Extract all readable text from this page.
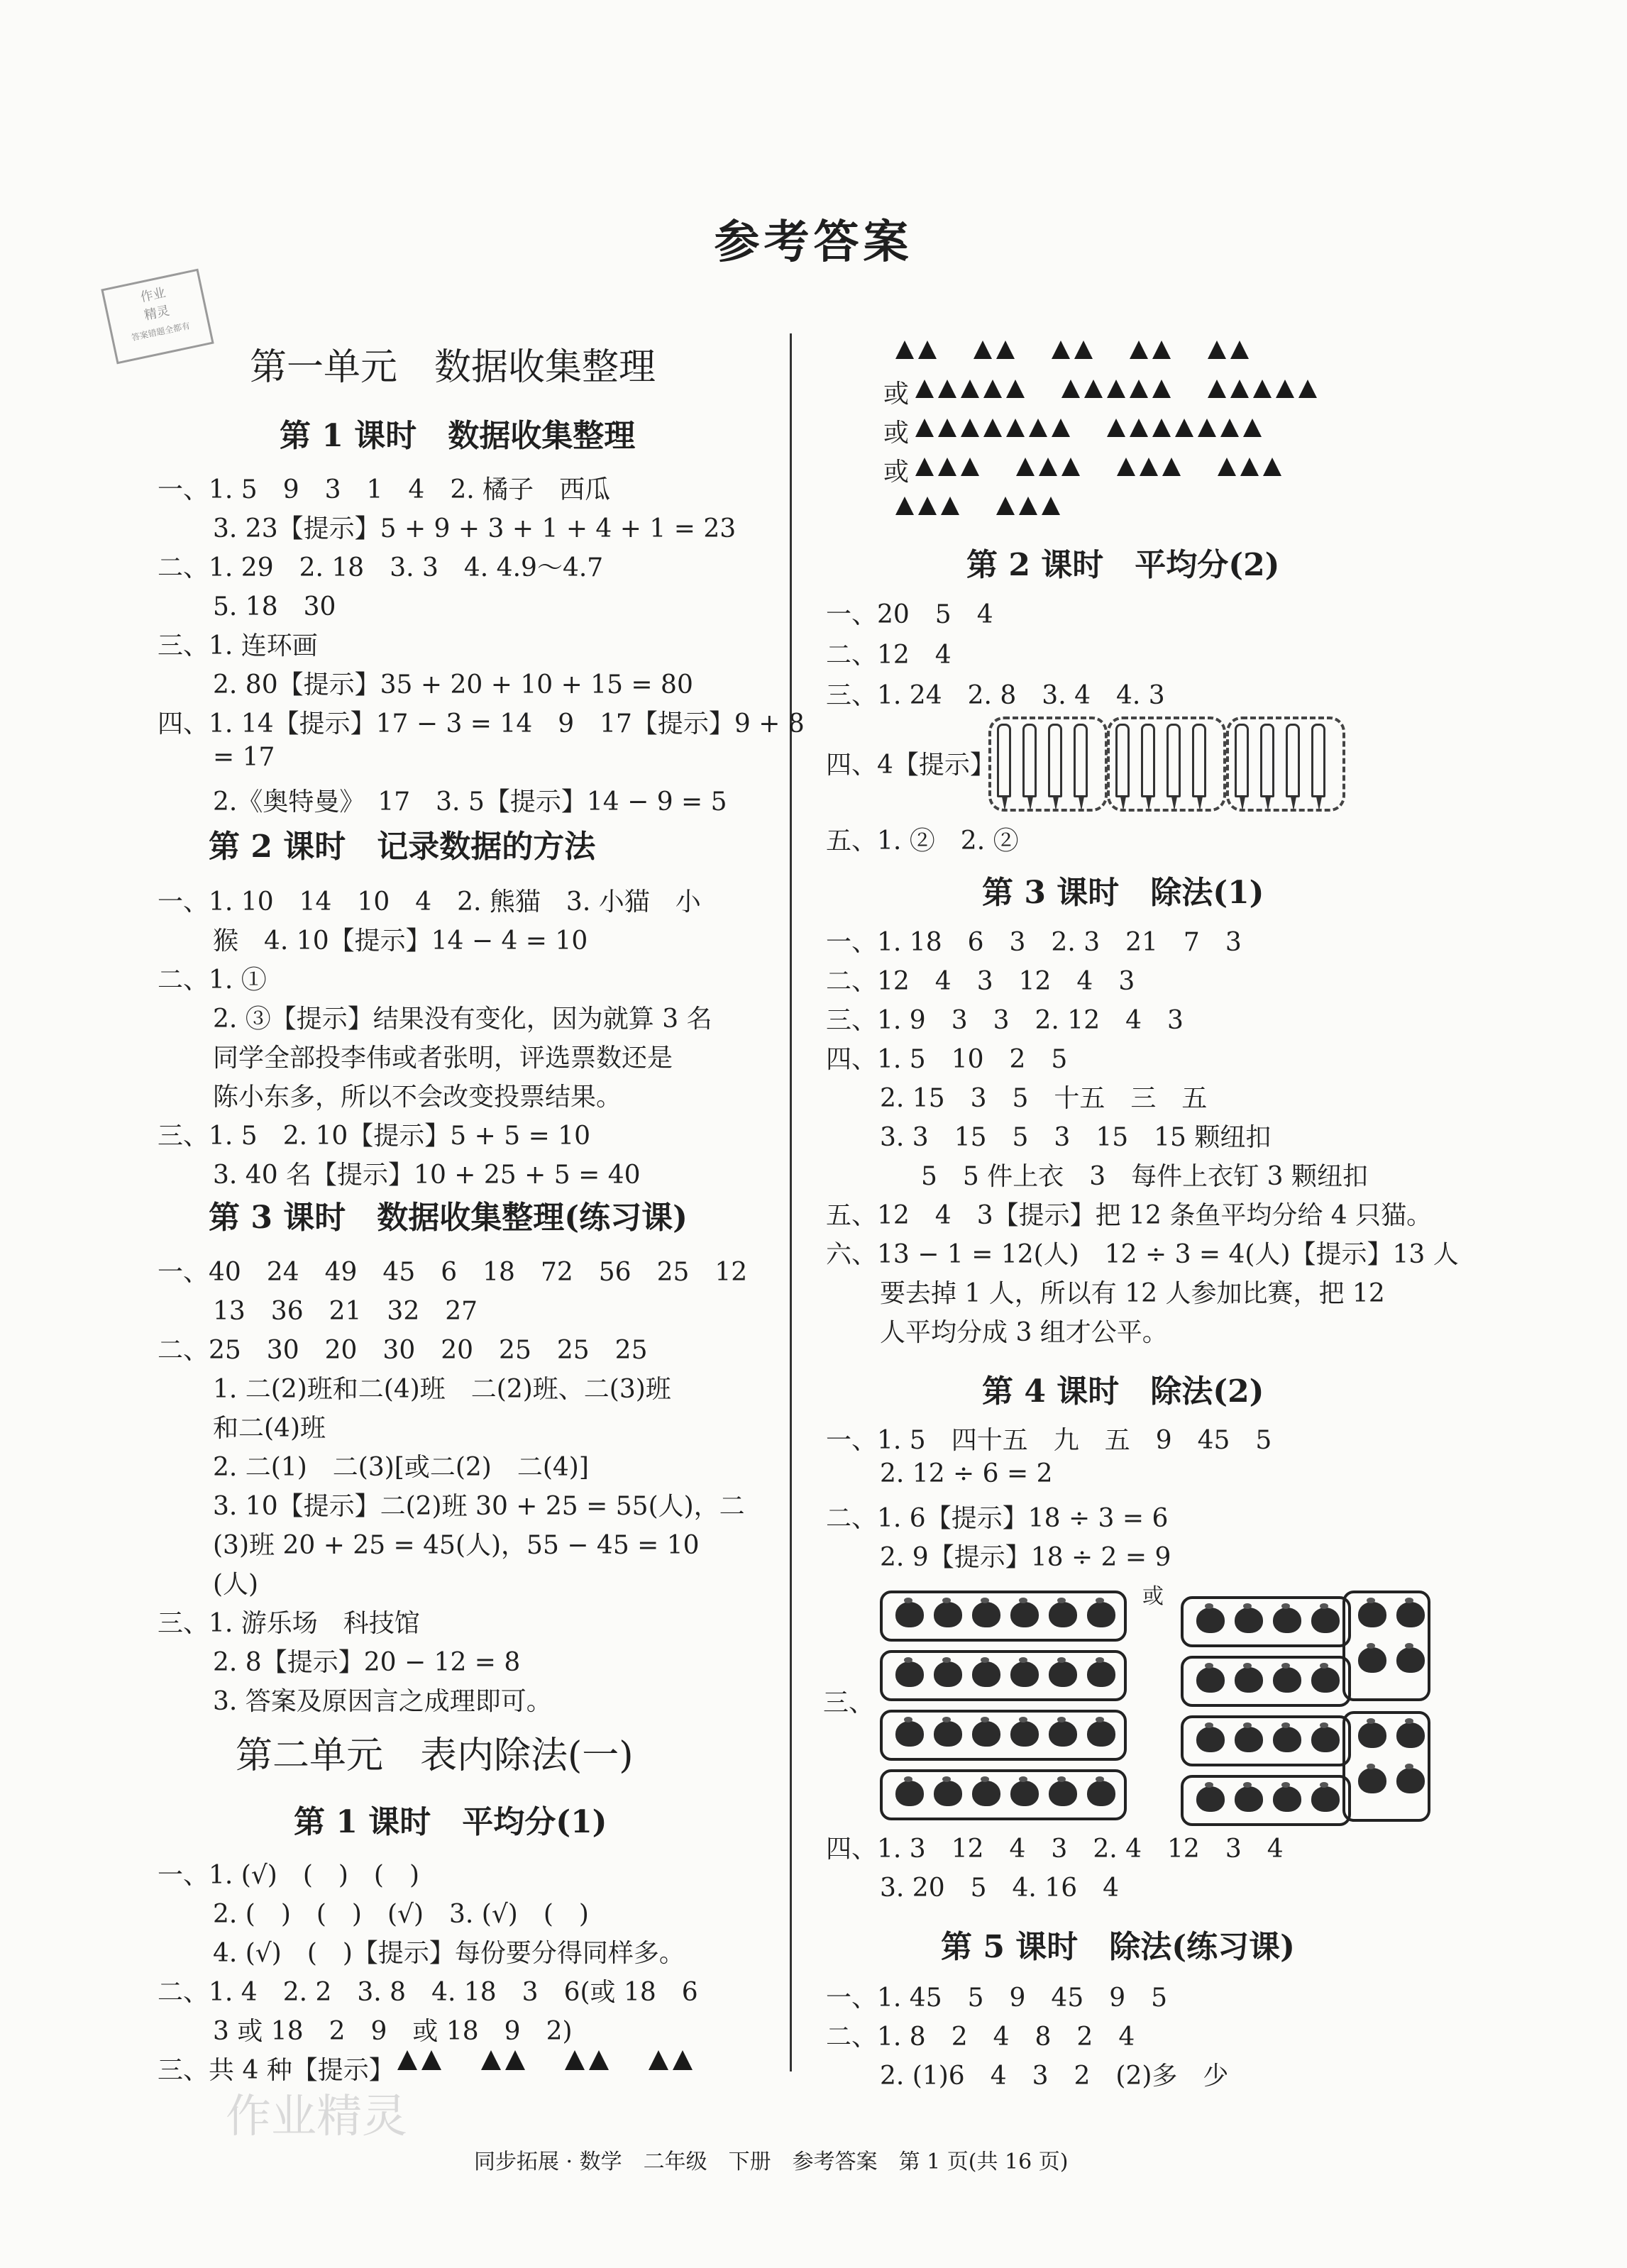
参考答案
作业
精灵
答案错题全都有
第一单元　数据收集整理
第 1 课时　数据收集整理
一、1. 5　9　3　1　4　2. 橘子　西瓜
3. 23【提示】5 + 9 + 3 + 1 + 4 + 1 = 23
二、1. 29　2. 18　3. 3　4. 4.9～4.7
5. 18　30
三、1. 连环画
2. 80【提示】35 + 20 + 10 + 15 = 80
四、1. 14【提示】17 − 3 = 14　9　17【提示】9 + 8
= 17
2.《奥特曼》　17　3. 5【提示】14 − 9 = 5
第 2 课时　记录数据的方法
一、1. 10　14　10　4　2. 熊猫　3. 小猫　小
猴　4. 10【提示】14 − 4 = 10
二、1. ①
2. ③【提示】结果没有变化，因为就算 3 名
同学全部投李伟或者张明，评选票数还是
陈小东多，所以不会改变投票结果。
三、1. 5　2. 10【提示】5 + 5 = 10
3. 40 名【提示】10 + 25 + 5 = 40
第 3 课时　数据收集整理(练习课)
一、40　24　49　45　6　18　72　56　25　12
13　36　21　32　27
二、25　30　20　30　20　25　25　25
1. 二(2)班和二(4)班　二(2)班、二(3)班
和二(4)班
2. 二(1)　二(3)[或二(2)　二(4)]
3. 10【提示】二(2)班 30 + 25 = 55(人)，二
(3)班 20 + 25 = 45(人)，55 − 45 = 10
(人)
三、1. 游乐场　科技馆
2. 8【提示】20 − 12 = 8
3. 答案及原因言之成理即可。
第二单元　表内除法(一)
第 1 课时　平均分(1)
一、1. (√)　(　)　(　)
2. (　)　(　)　(√)　3. (√)　(　)
4. (√)　(　)【提示】每份要分得同样多。
二、1. 4　2. 2　3. 8　4. 18　3　6(或 18　6
3 或 18　2　9　或 18　9　2)
三、共 4 种【提示】
或
或
或
第 2 课时　平均分(2)
一、20　5　4
二、12　4
三、1. 24　2. 8　3. 4　4. 3
四、4【提示】
五、1. ②　2. ②
第 3 课时　除法(1)
一、1. 18　6　3　2. 3　21　7　3
二、12　4　3　12　4　3
三、1. 9　3　3　2. 12　4　3
四、1. 5　10　2　5
2. 15　3　5　十五　三　五
3. 3　15　5　3　15　15 颗纽扣
5　5 件上衣　3　每件上衣钉 3 颗纽扣
五、12　4　3【提示】把 12 条鱼平均分给 4 只猫。
六、13 − 1 = 12(人)　12 ÷ 3 = 4(人)【提示】13 人
要去掉 1 人，所以有 12 人参加比赛，把 12
人平均分成 3 组才公平。
第 4 课时　除法(2)
一、1. 5　四十五　九　五　9　45　5
2. 12 ÷ 6 = 2
二、1. 6【提示】18 ÷ 3 = 6
2. 9【提示】18 ÷ 2 = 9
或
三、
四、1. 3　12　4　3　2. 4　12　3　4
3. 20　5　4. 16　4
第 5 课时　除法(练习课)
一、1. 45　5　9　45　9　5
二、1. 8　2　4　8　2　4
2. (1)6　4　3　2　(2)多　少
作业精灵
同步拓展 · 数学　二年级　下册　参考答案　第 1 页(共 16 页)
